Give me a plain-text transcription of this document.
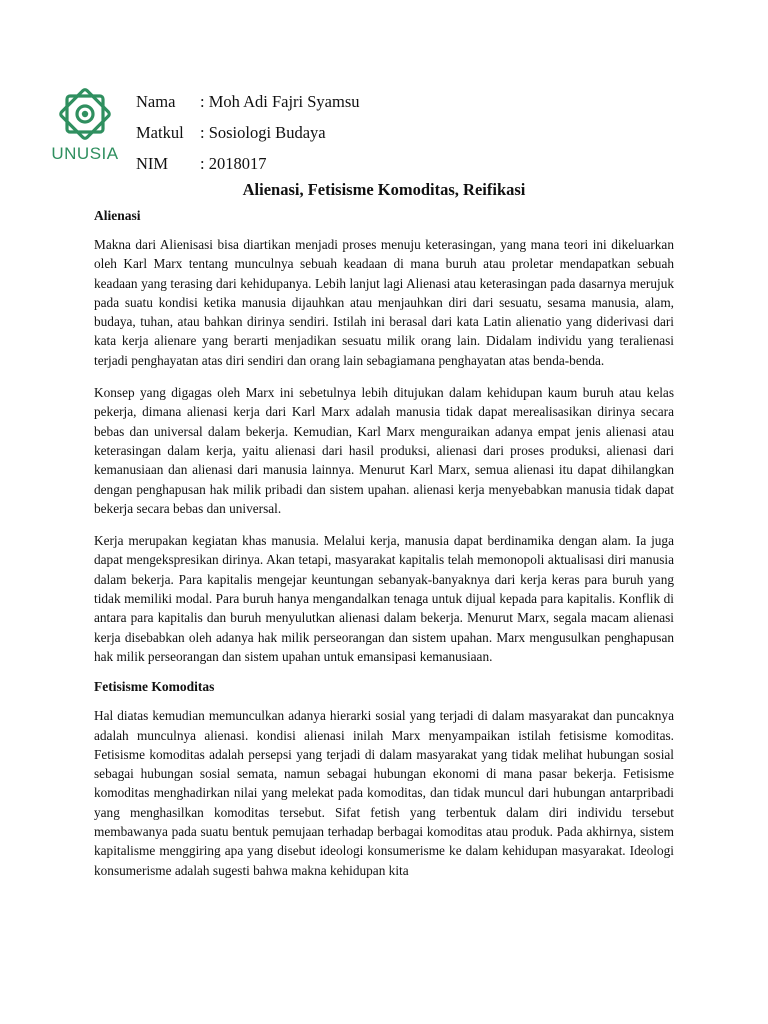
UNUSIA
Nama : Moh Adi Fajri Syamsu
Matkul : Sosiologi Budaya
NIM : 2018017
Alienasi, Fetisisme Komoditas, Reifikasi
Alienasi

Makna dari Alienisasi bisa diartikan menjadi proses menuju keterasingan, yang mana teori ini dikeluarkan oleh Karl Marx tentang munculnya sebuah keadaan di mana buruh atau proletar mendapatkan sebuah keadaan yang terasing dari kehidupanya. Lebih lanjut lagi Alienasi atau keterasingan pada dasarnya merujuk pada suatu kondisi ketika manusia dijauhkan atau menjauhkan diri dari sesuatu, sesama manusia, alam, budaya, tuhan, atau bahkan dirinya sendiri. Istilah ini berasal dari kata Latin alienatio yang diderivasi dari kata kerja alienare yang berarti menjadikan sesuatu milik orang lain. Didalam individu yang teralienasi terjadi penghayatan atas diri sendiri dan orang lain sebagiamana penghayatan atas benda-benda.

Konsep yang digagas oleh Marx ini sebetulnya lebih ditujukan dalam kehidupan kaum buruh atau kelas pekerja, dimana alienasi kerja dari Karl Marx adalah manusia tidak dapat merealisasikan dirinya secara bebas dan universal dalam bekerja. Kemudian, Karl Marx menguraikan adanya empat jenis alienasi atau keterasingan dalam kerja, yaitu alienasi dari hasil produksi, alienasi dari proses produksi, alienasi dari kemanusiaan dan alienasi dari manusia lainnya. Menurut Karl Marx, semua alienasi itu dapat dihilangkan dengan penghapusan hak milik pribadi dan sistem upahan. alienasi kerja menyebabkan manusia tidak dapat bekerja secara bebas dan universal.

Kerja merupakan kegiatan khas manusia. Melalui kerja, manusia dapat berdinamika dengan alam. Ia juga dapat mengekspresikan dirinya. Akan tetapi, masyarakat kapitalis telah memonopoli aktualisasi diri manusia dalam bekerja. Para kapitalis mengejar keuntungan sebanyak-banyaknya dari kerja keras para buruh yang tidak memiliki modal. Para buruh hanya mengandalkan tenaga untuk dijual kepada para kapitalis. Konflik di antara para kapitalis dan buruh menyulutkan alienasi dalam bekerja. Menurut Marx, segala macam alienasi kerja disebabkan oleh adanya hak milik perseorangan dan sistem upahan. Marx mengusulkan penghapusan hak milik perseorangan dan sistem upahan untuk emansipasi kemanusiaan.

Fetisisme Komoditas

Hal diatas kemudian memunculkan adanya hierarki sosial yang terjadi di dalam masyarakat dan puncaknya adalah munculnya alienasi. kondisi alienasi inilah Marx menyampaikan istilah fetisisme komoditas. Fetisisme komoditas adalah persepsi yang terjadi di dalam masyarakat yang tidak melihat hubungan sosial sebagai hubungan sosial semata, namun sebagai hubungan ekonomi di mana pasar bekerja. Fetisisme komoditas menghadirkan nilai yang melekat pada komoditas, dan tidak muncul dari hubungan antarpribadi yang menghasilkan komoditas tersebut. Sifat fetish yang terbentuk dalam diri individu tersebut membawanya pada suatu bentuk pemujaan terhadap berbagai komoditas atau produk. Pada akhirnya, sistem kapitalisme menggiring apa yang disebut ideologi konsumerisme ke dalam kehidupan masyarakat. Ideologi konsumerisme adalah sugesti bahwa makna kehidupan kita
